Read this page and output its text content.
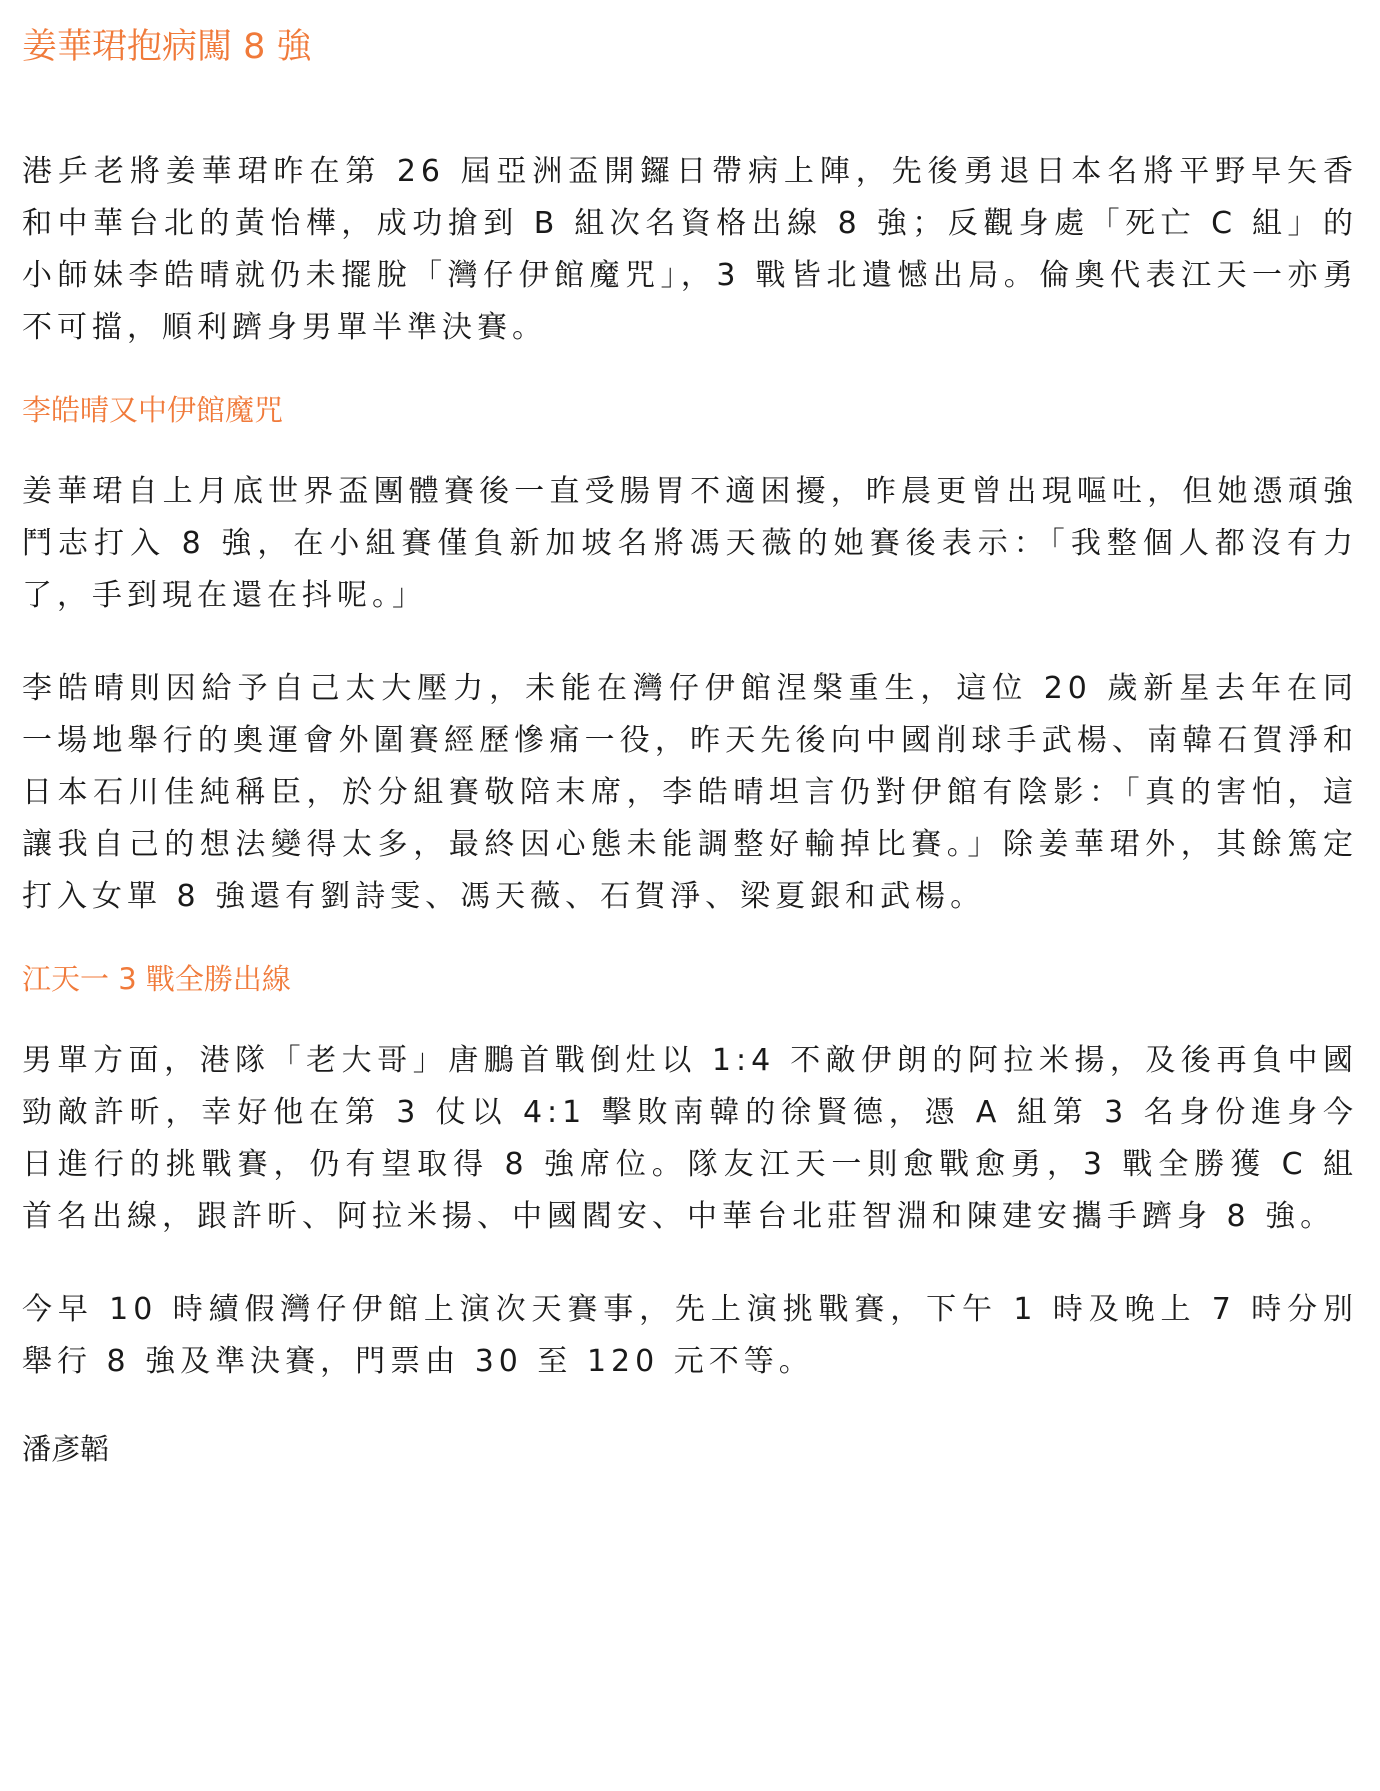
姜華珺抱病闖 8 強

港乒老將姜華珺昨在第 26 屆亞洲盃開鑼日帶病上陣，先後勇退日本名將平野早矢香和中華台北的黃怡樺，成功搶到 B 組次名資格出線 8 強；反觀身處「死亡 C 組」的小師妹李皓晴就仍未擺脫「灣仔伊館魔咒」，3 戰皆北遺憾出局。倫奧代表江天一亦勇不可擋，順利躋身男單半準決賽。

李皓晴又中伊館魔咒

姜華珺自上月底世界盃團體賽後一直受腸胃不適困擾，昨晨更曾出現嘔吐，但她憑頑強鬥志打入 8 強，在小組賽僅負新加坡名將馮天薇的她賽後表示：「我整個人都沒有力了，手到現在還在抖呢。」

李皓晴則因給予自己太大壓力，未能在灣仔伊館涅槃重生，這位 20 歲新星去年在同一場地舉行的奧運會外圍賽經歷慘痛一役，昨天先後向中國削球手武楊、南韓石賀淨和日本石川佳純稱臣，於分組賽敬陪末席，李皓晴坦言仍對伊館有陰影：「真的害怕，這讓我自己的想法變得太多，最終因心態未能調整好輸掉比賽。」除姜華珺外，其餘篤定打入女單 8 強還有劉詩雯、馮天薇、石賀淨、梁夏銀和武楊。

江天一 3 戰全勝出線

男單方面，港隊「老大哥」唐鵬首戰倒灶以 1:4 不敵伊朗的阿拉米揚，及後再負中國勁敵許昕，幸好他在第 3 仗以 4:1 擊敗南韓的徐賢德，憑 A 組第 3 名身份進身今日進行的挑戰賽，仍有望取得 8 強席位。隊友江天一則愈戰愈勇，3 戰全勝獲 C 組首名出線，跟許昕、阿拉米揚、中國閻安、中華台北莊智淵和陳建安攜手躋身 8 強。

今早 10 時續假灣仔伊館上演次天賽事，先上演挑戰賽，下午 1 時及晚上 7 時分別舉行 8 強及準決賽，門票由 30 至 120 元不等。

潘彥韜
